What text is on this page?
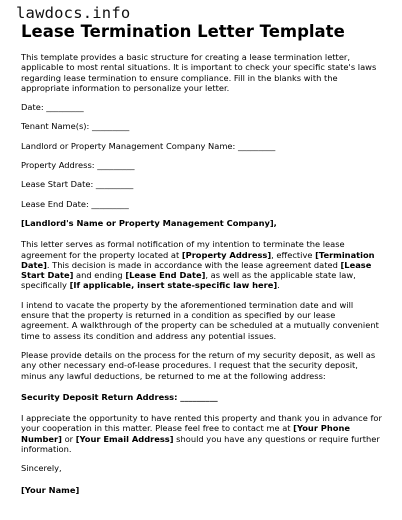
lawdocs.info
Lease Termination Letter Template

This template provides a basic structure for creating a lease termination letter, applicable to most rental situations. It is important to check your specific state's laws regarding lease termination to ensure compliance. Fill in the blanks with the appropriate information to personalize your letter.

Date: _________

Tenant Name(s): _________

Landlord or Property Management Company Name: _________

Property Address: _________

Lease Start Date: _________

Lease End Date: _________

[Landlord's Name or Property Management Company],

This letter serves as formal notification of my intention to terminate the lease agreement for the property located at [Property Address], effective [Termination Date]. This decision is made in accordance with the lease agreement dated [Lease Start Date] and ending [Lease End Date], as well as the applicable state law, specifically [If applicable, insert state-specific law here].

I intend to vacate the property by the aforementioned termination date and will ensure that the property is returned in a condition as specified by our lease agreement. A walkthrough of the property can be scheduled at a mutually convenient time to assess its condition and address any potential issues.

Please provide details on the process for the return of my security deposit, as well as any other necessary end-of-lease procedures. I request that the security deposit, minus any lawful deductions, be returned to me at the following address:

Security Deposit Return Address: _________

I appreciate the opportunity to have rented this property and thank you in advance for your cooperation in this matter. Please feel free to contact me at [Your Phone Number] or [Your Email Address] should you have any questions or require further information.

Sincerely,

[Your Name]
